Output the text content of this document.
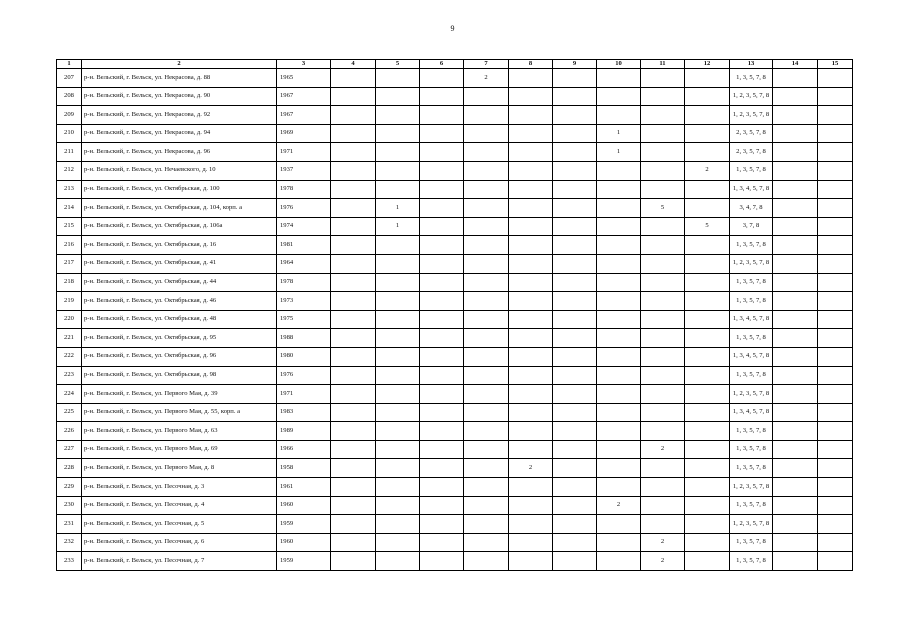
9
1	2	3	4	5	6	7	8	9	10	11	12	13	14	15
207	р-н. Вельский, г. Вельск, ул. Некрасова, д. 88	1965				2						1, 3, 5, 7, 8		
208	р-н. Вельский, г. Вельск, ул. Некрасова, д. 90	1967										1, 2, 3, 5, 7, 8		
209	р-н. Вельский, г. Вельск, ул. Некрасова, д. 92	1967										1, 2, 3, 5, 7, 8		
210	р-н. Вельский, г. Вельск, ул. Некрасова, д. 94	1969							1			2, 3, 5, 7, 8		
211	р-н. Вельский, г. Вельск, ул. Некрасова, д. 96	1971							1			2, 3, 5, 7, 8		
212	р-н. Вельский, г. Вельск, ул. Нечаевского, д. 10	1937									2	1, 3, 5, 7, 8		
213	р-н. Вельский, г. Вельск, ул. Октябрьская, д. 100	1978										1, 3, 4, 5, 7, 8		
214	р-н. Вельский, г. Вельск, ул. Октябрьская, д. 104, корп. а	1976		1						5		3, 4, 7, 8		
215	р-н. Вельский, г. Вельск, ул. Октябрьская, д. 106а	1974		1							5	3, 7, 8		
216	р-н. Вельский, г. Вельск, ул. Октябрьская, д. 16	1981										1, 3, 5, 7, 8		
217	р-н. Вельский, г. Вельск, ул. Октябрьская, д. 41	1964										1, 2, 3, 5, 7, 8		
218	р-н. Вельский, г. Вельск, ул. Октябрьская, д. 44	1978										1, 3, 5, 7, 8		
219	р-н. Вельский, г. Вельск, ул. Октябрьская, д. 46	1973										1, 3, 5, 7, 8		
220	р-н. Вельский, г. Вельск, ул. Октябрьская, д. 48	1975										1, 3, 4, 5, 7, 8		
221	р-н. Вельский, г. Вельск, ул. Октябрьская, д. 95	1988										1, 3, 5, 7, 8		
222	р-н. Вельский, г. Вельск, ул. Октябрьская, д. 96	1980										1, 3, 4, 5, 7, 8		
223	р-н. Вельский, г. Вельск, ул. Октябрьская, д. 98	1976										1, 3, 5, 7, 8		
224	р-н. Вельский, г. Вельск, ул. Первого Мая, д. 39	1971										1, 2, 3, 5, 7, 8		
225	р-н. Вельский, г. Вельск, ул. Первого Мая, д. 55, корп. а	1983										1, 3, 4, 5, 7, 8		
226	р-н. Вельский, г. Вельск, ул. Первого Мая, д. 63	1989										1, 3, 5, 7, 8		
227	р-н. Вельский, г. Вельск, ул. Первого Мая, д. 69	1966								2		1, 3, 5, 7, 8		
228	р-н. Вельский, г. Вельск, ул. Первого Мая, д. 8	1958					2					1, 3, 5, 7, 8		
229	р-н. Вельский, г. Вельск, ул. Песочная, д. 3	1961										1, 2, 3, 5, 7, 8		
230	р-н. Вельский, г. Вельск, ул. Песочная, д. 4	1960							2			1, 3, 5, 7, 8		
231	р-н. Вельский, г. Вельск, ул. Песочная, д. 5	1959										1, 2, 3, 5, 7, 8		
232	р-н. Вельский, г. Вельск, ул. Песочная, д. 6	1960								2		1, 3, 5, 7, 8		
233	р-н. Вельский, г. Вельск, ул. Песочная, д. 7	1959								2		1, 3, 5, 7, 8		
